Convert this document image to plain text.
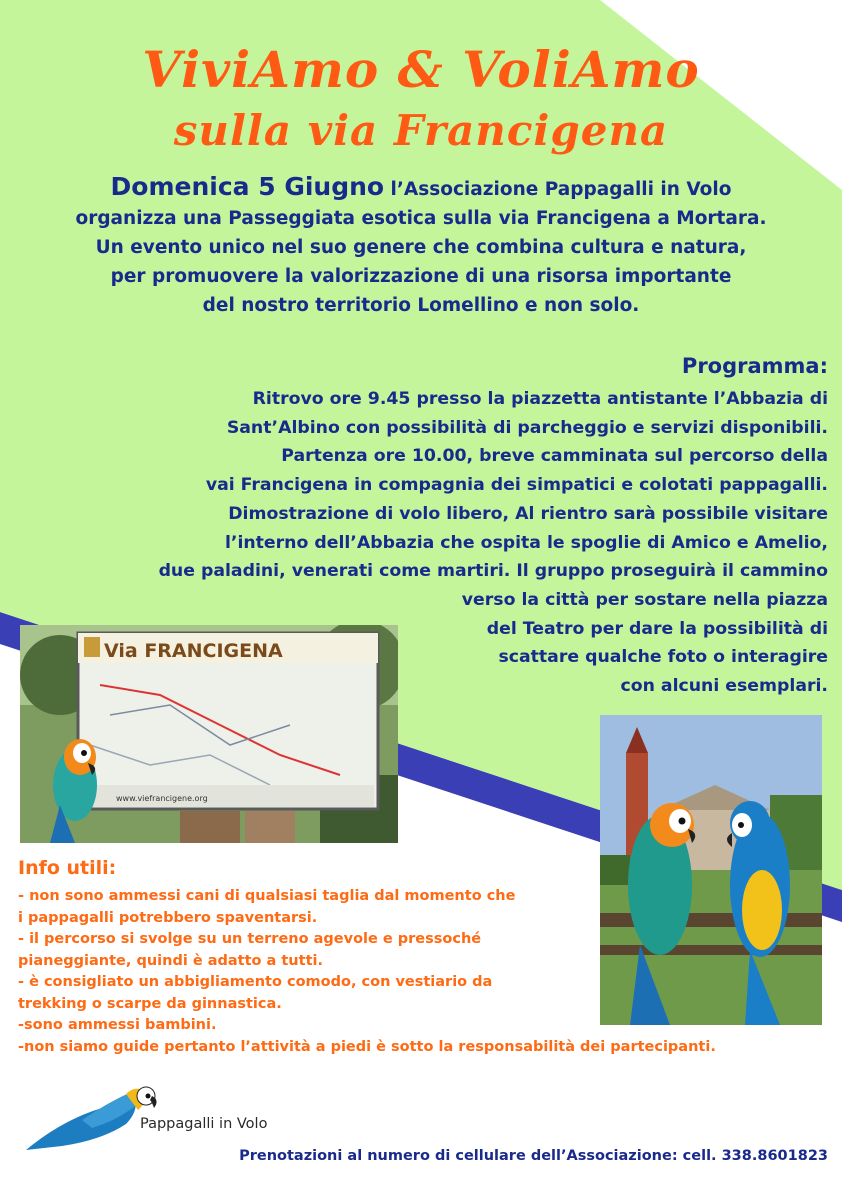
ViviAmo & VoliAmo
sulla via Francigena
Domenica 5 Giugno l’Associazione Pappagalli in Volo
organizza una Passeggiata esotica sulla via Francigena a Mortara.
Un evento unico nel suo genere che combina cultura e natura,
per promuovere la valorizzazione di una risorsa importante
del nostro territorio Lomellino e non solo.
Programma:
Ritrovo ore 9.45 presso la piazzetta antistante l’Abbazia di
Sant’Albino con possibilità di parcheggio e servizi disponibili.
Partenza ore 10.00, breve camminata sul percorso della
vai Francigena in compagnia dei simpatici e colotati pappagalli.
Dimostrazione di volo libero, Al rientro sarà possibile visitare
l’interno dell’Abbazia che ospita le spoglie di Amico e Amelio,
due paladini, venerati come martiri. Il gruppo proseguirà il cammino
verso la città per sostare nella piazza
del Teatro per dare la possibilità di
scattare qualche foto o interagire
con alcuni esemplari.
Via FRANCIGENA
www.viefrancigene.org
Info utili:
- non sono ammessi cani di qualsiasi taglia dal momento che
i pappagalli potrebbero spaventarsi.
- il percorso si svolge su un terreno agevole e pressoché
pianeggiante, quindi è adatto a tutti.
- è consigliato un abbigliamento comodo, con vestiario da
trekking o scarpe da ginnastica.
-sono ammessi bambini.
-non siamo guide pertanto l’attività a piedi è sotto la responsabilità dei partecipanti.
Pappagalli in Volo
Prenotazioni al numero di cellulare dell’Associazione: cell. 338.8601823
